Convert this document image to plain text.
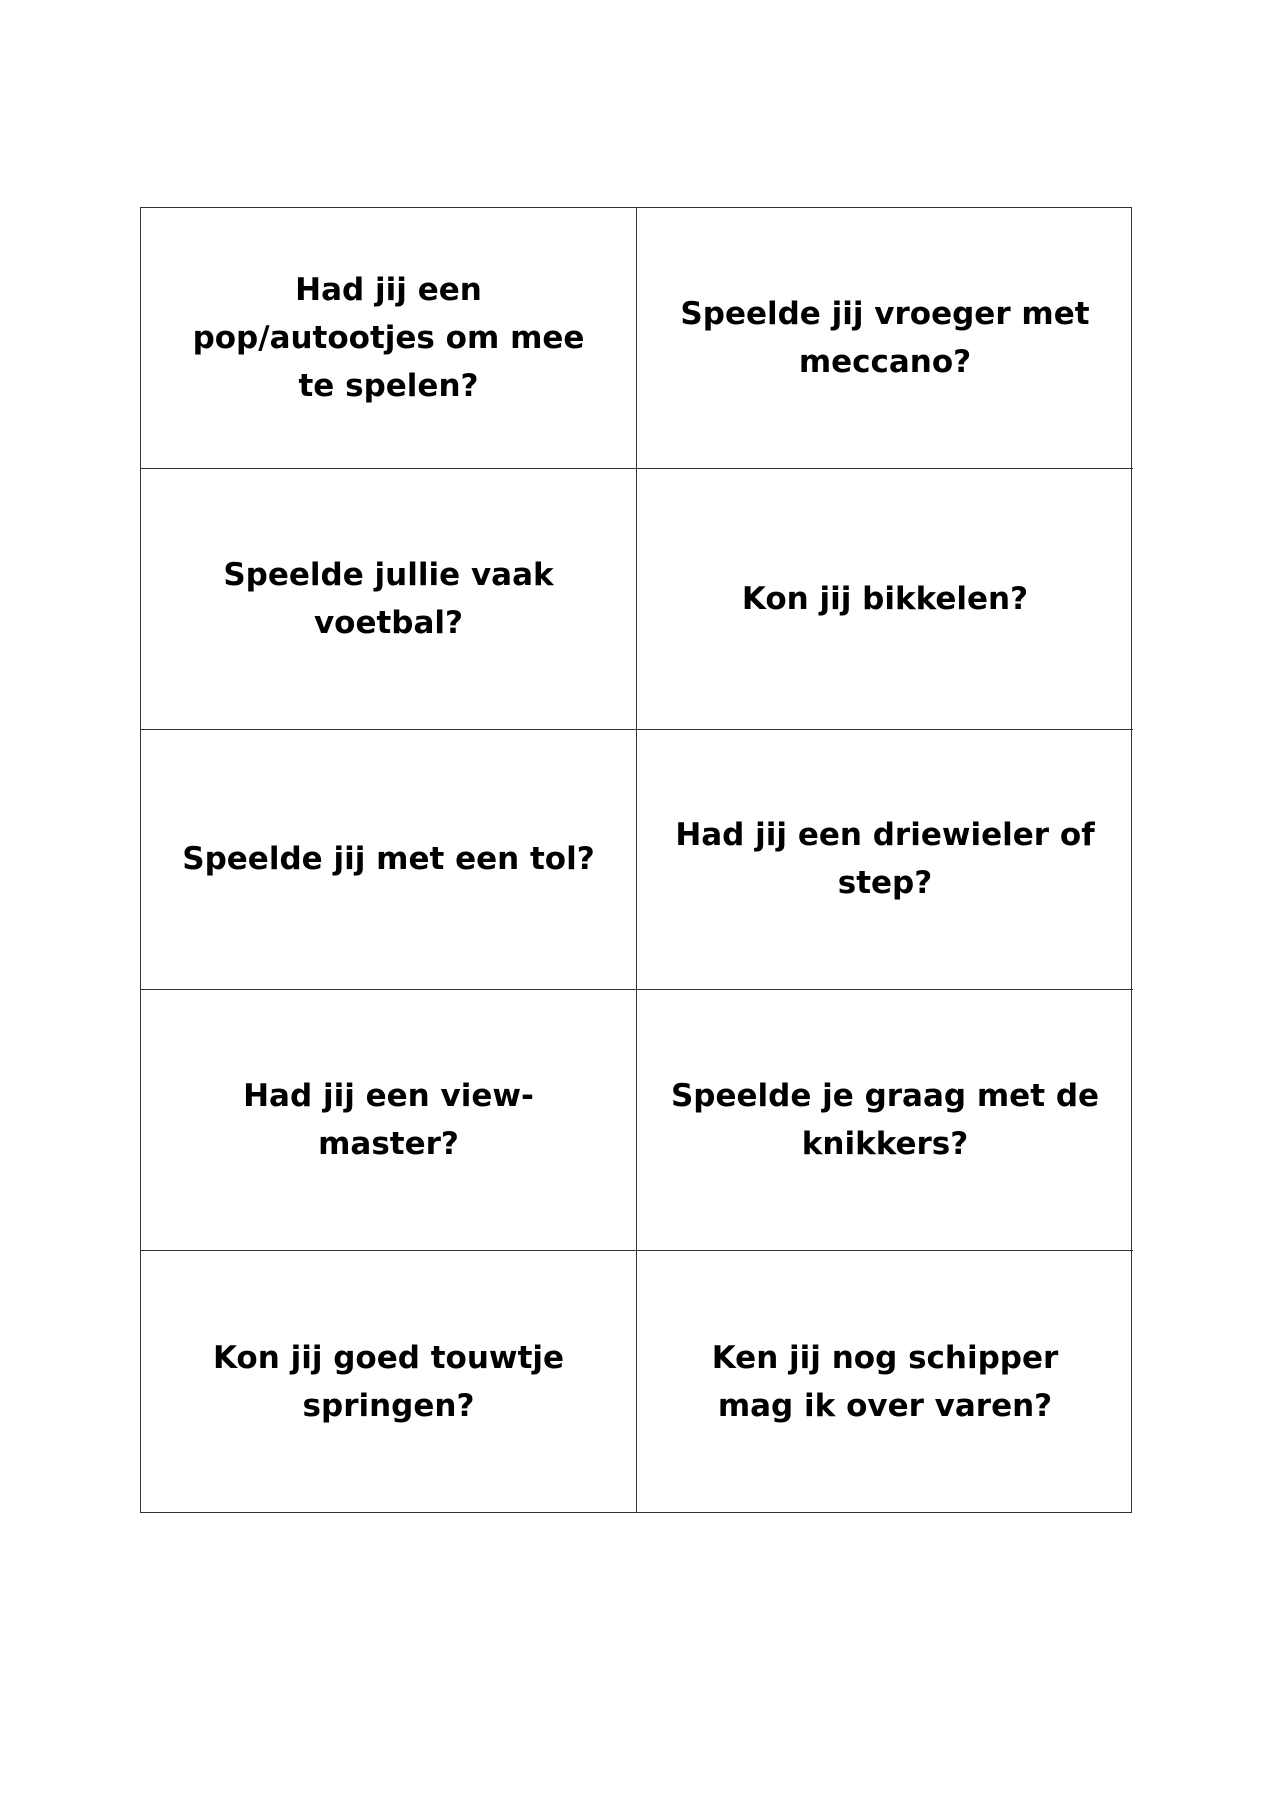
Had jij een pop/autootjes om mee te spelen?
Speelde jij vroeger met meccano?
Speelde jullie vaak voetbal?
Kon jij bikkelen?
Speelde jij met een tol?
Had jij een driewieler of step?
Had jij een view-master?
Speelde je graag met de knikkers?
Kon jij goed touwtje springen?
Ken jij nog schipper mag ik over varen?
